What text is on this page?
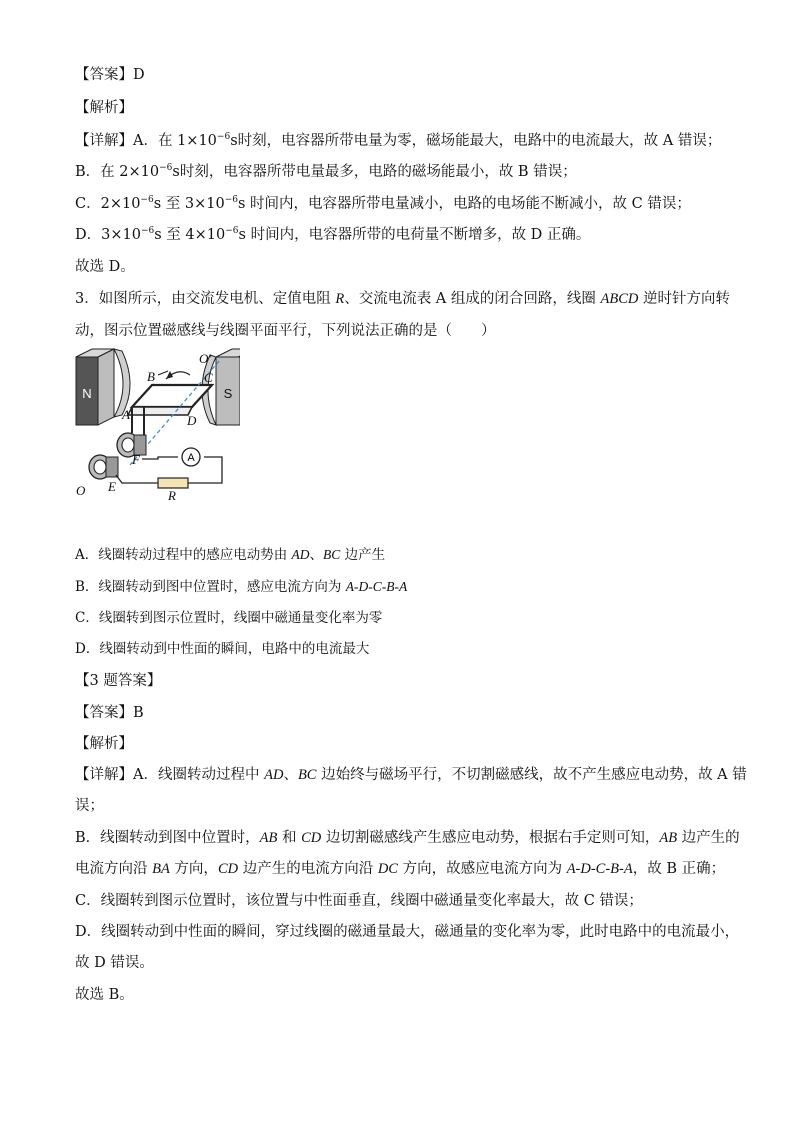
【答案】D
【解析】
【详解】A．在 $1\times 10^{-6}s$时刻，电容器所带电量为零，磁场能最大，电路中的电流最大，故 A 错误；
B．在 $2\times 10^{-6}s$时刻，电容器所带电量最多，电路的磁场能最小，故 B 错误；
C．$2\times 10^{-6}s$ 至 $3\times 10^{-6}s$ 时间内，电容器所带电量减小，电路的电场能不断减小，故 C 错误；
D．$3\times 10^{-6}s$ 至 $4\times 10^{-6}s$ 时间内，电容器所带的电荷量不断增多，故 D 正确。
故选 D。
3．如图所示，由交流发电机、定值电阻 R、交流电流表 A 组成的闭合回路，线圈 ABCD 逆时针方向转
动，图示位置磁感线与线圈平面平行，下列说法正确的是（　　）
N	S
A
B	C
O′
A	D
F
E
O	R
A．线圈转动过程中的感应电动势由 AD、BC 边产生
B．线圈转动到图中位置时，感应电流方向为 A-D-C-B-A
C．线圈转到图示位置时，线圈中磁通量变化率为零
D．线圈转动到中性面的瞬间，电路中的电流最大
【3 题答案】
【答案】B
【解析】
【详解】A．线圈转动过程中 AD、BC 边始终与磁场平行，不切割磁感线，故不产生感应电动势，故 A 错
误；
B．线圈转动到图中位置时，AB 和 CD 边切割磁感线产生感应电动势，根据右手定则可知，AB 边产生的
电流方向沿 BA 方向，CD 边产生的电流方向沿 DC 方向，故感应电流方向为 A-D-C-B-A，故 B 正确；
C．线圈转到图示位置时，该位置与中性面垂直，线圈中磁通量变化率最大，故 C 错误；
D．线圈转动到中性面的瞬间，穿过线圈的磁通量最大，磁通量的变化率为零，此时电路中的电流最小，
故 D 错误。
故选 B。
